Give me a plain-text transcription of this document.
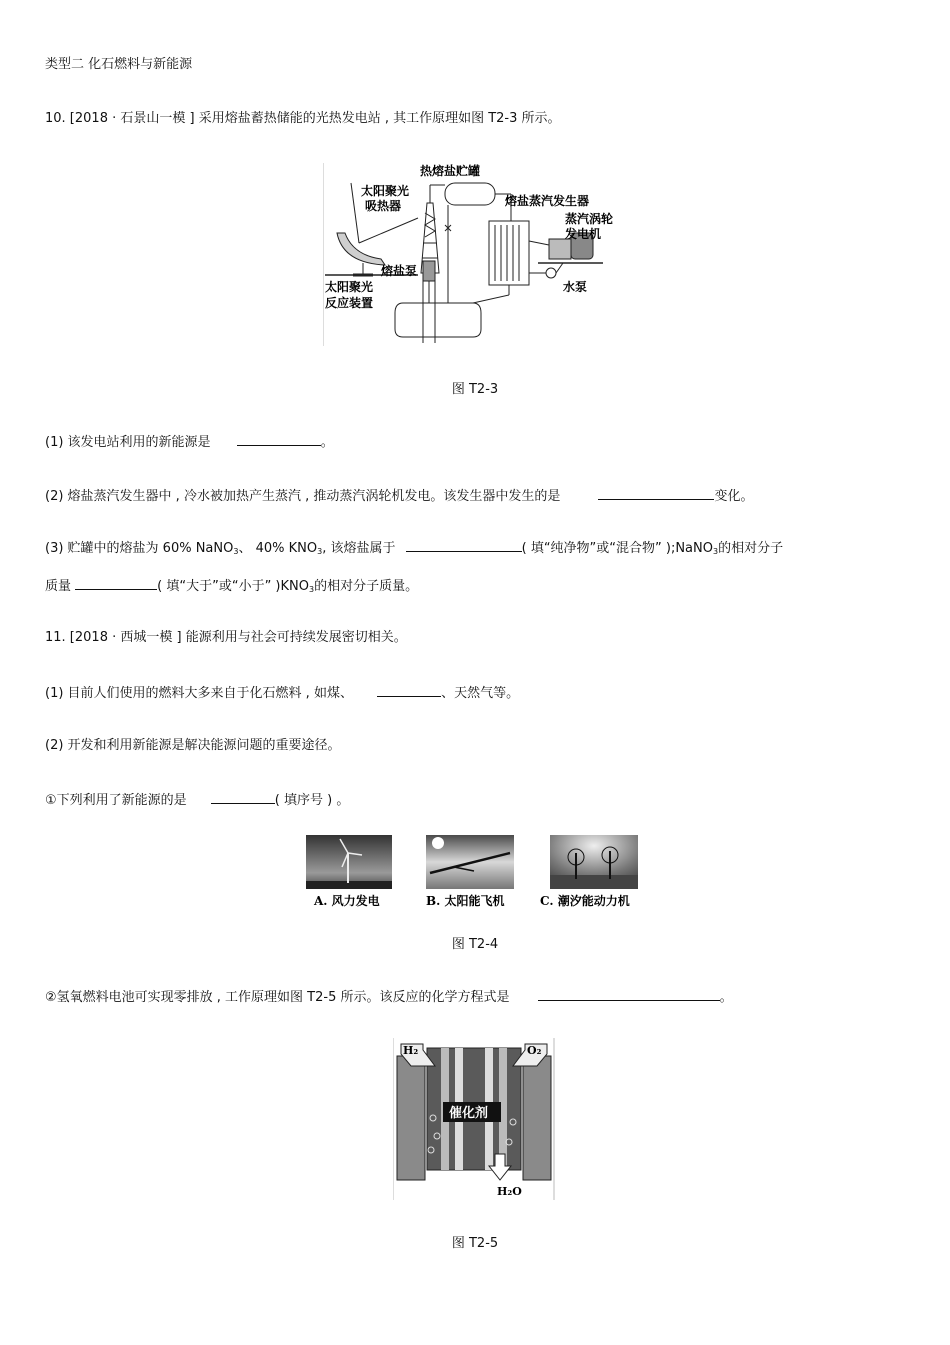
类型二 化石燃料与新能源
10. [2018 · 石景山一模 ] 采用熔盐蓄热储能的光热发电站 , 其工作原理如图 T2-3 所示。
热熔盐贮罐
太阳聚光
吸热器	熔盐蒸汽发生器
蒸汽涡轮
发电机
熔盐泵
太阳聚光
反应装置
水泵
图 T2-3
(1) 该发电站利用的新能源是	。
(2) 熔盐蒸汽发生器中 , 冷水被加热产生蒸汽 , 推动蒸汽涡轮机发电。该发生器中发生的是	变化。
(3) 贮罐中的熔盐为 60% NaNO$_3$、 40% $KNO_3$, 该熔盐属于	( 填“纯净物”或“混合物” );NaNO$_3$的相对分子
质量	( 填“大于”或“小于” )$KNO_3$的相对分子质量。
11. [2018 · 西城一模 ] 能源利用与社会可持续发展密切相关。
(1) 目前人们使用的燃料大多来自于化石燃料 , 如煤、	、天然气等。
(2) 开发和利用新能源是解决能源问题的重要途径。
①下列利用了新能源的是	( 填序号 ) 。
A. 风力发电	B. 太阳能飞机	C. 潮汐能动力机
图 T2-4
②氢氧燃料电池可实现零排放 , 工作原理如图 T2-5 所示。该反应的化学方程式是	。
H₂	O₂
催化剂
H₂O
图 T2-5
